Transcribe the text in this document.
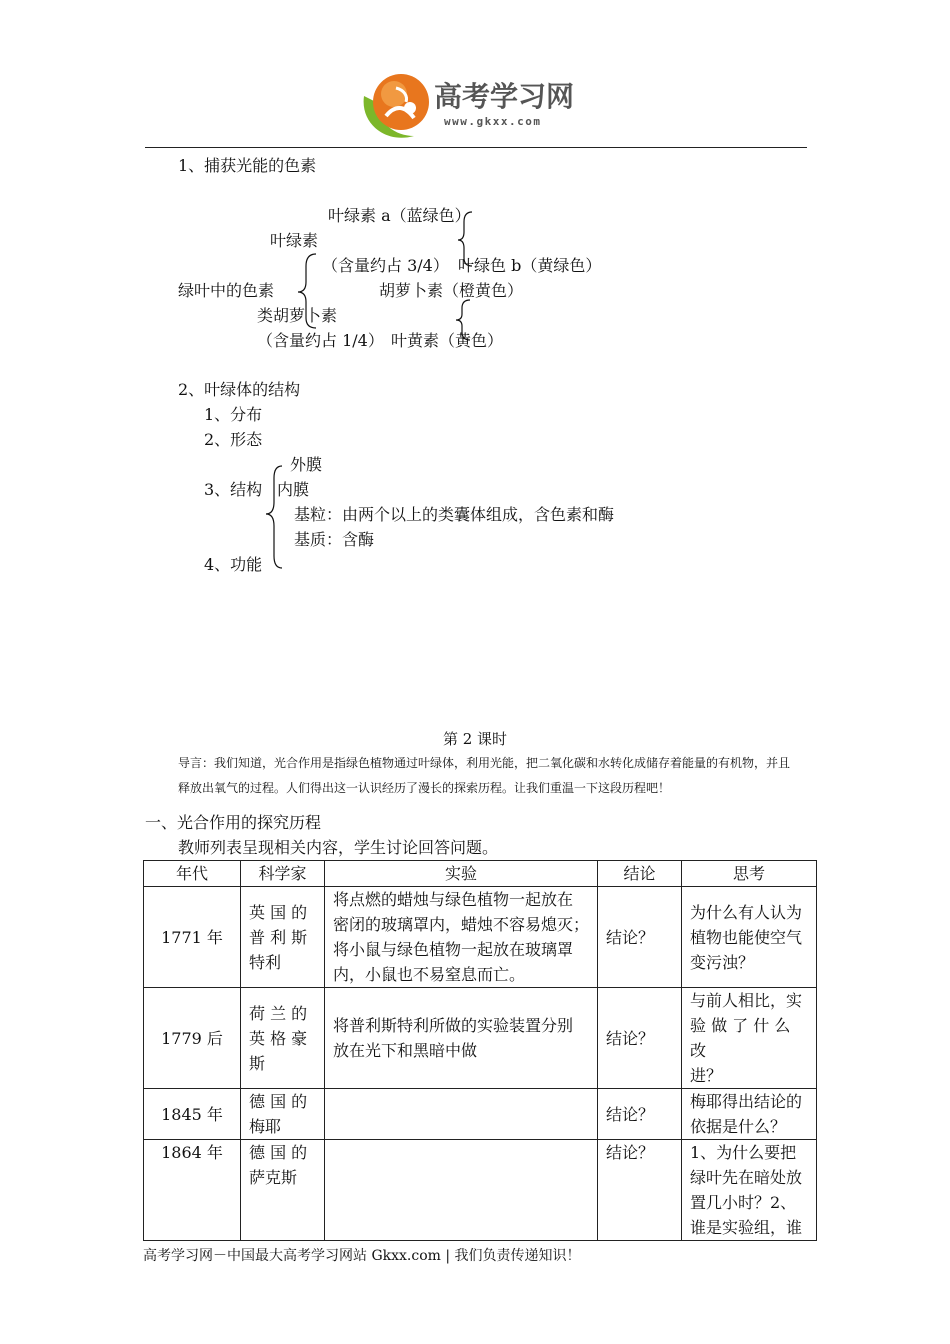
高考学习网
www.gkxx.com
1、捕获光能的色素
叶绿素 a（蓝绿色）
叶绿素
（含量约占 3/4） 叶绿色 b（黄绿色）
绿叶中的色素	胡萝卜素（橙黄色）
类胡萝卜素
（含量约占 1/4） 叶黄素（黄色）
2、叶绿体的结构
1、分布
2、形态
外膜
3、结构 内膜
基粒：由两个以上的类囊体组成，含色素和酶
基质：含酶
4、功能
第 2 课时
导言：我们知道，光合作用是指绿色植物通过叶绿体，利用光能，把二氧化碳和水转化成储存着能量的有机物，并且
释放出氧气的过程。人们得出这一认识经历了漫长的探索历程。让我们重温一下这段历程吧！
一、光合作用的探究历程
教师列表呈现相关内容，学生讨论回答问题。
年代	科学家	实验	结论	思考
1771 年	英 国 的
普 利 斯
特利	将点燃的蜡烛与绿色植物一起放在
密闭的玻璃罩内，蜡烛不容易熄灭；
将小鼠与绿色植物一起放在玻璃罩
内，小鼠也不易窒息而亡。	结论？	为什么有人认为
植物也能使空气
变污浊？

1779 后	荷 兰 的
英 格 豪
斯	将普利斯特利所做的实验装置分别
放在光下和黑暗中做	结论？	与前人相比，实
验 做 了 什 么 改
进？

1845 年	德 国 的
梅耶		结论？	梅耶得出结论的
依据是什么？

1864 年	德 国 的
萨克斯		结论？	1、为什么要把
绿叶先在暗处放
置几小时？2、
谁是实验组，谁
高考学习网－中国最大高考学习网站 Gkxx.com | 我们负责传递知识！
